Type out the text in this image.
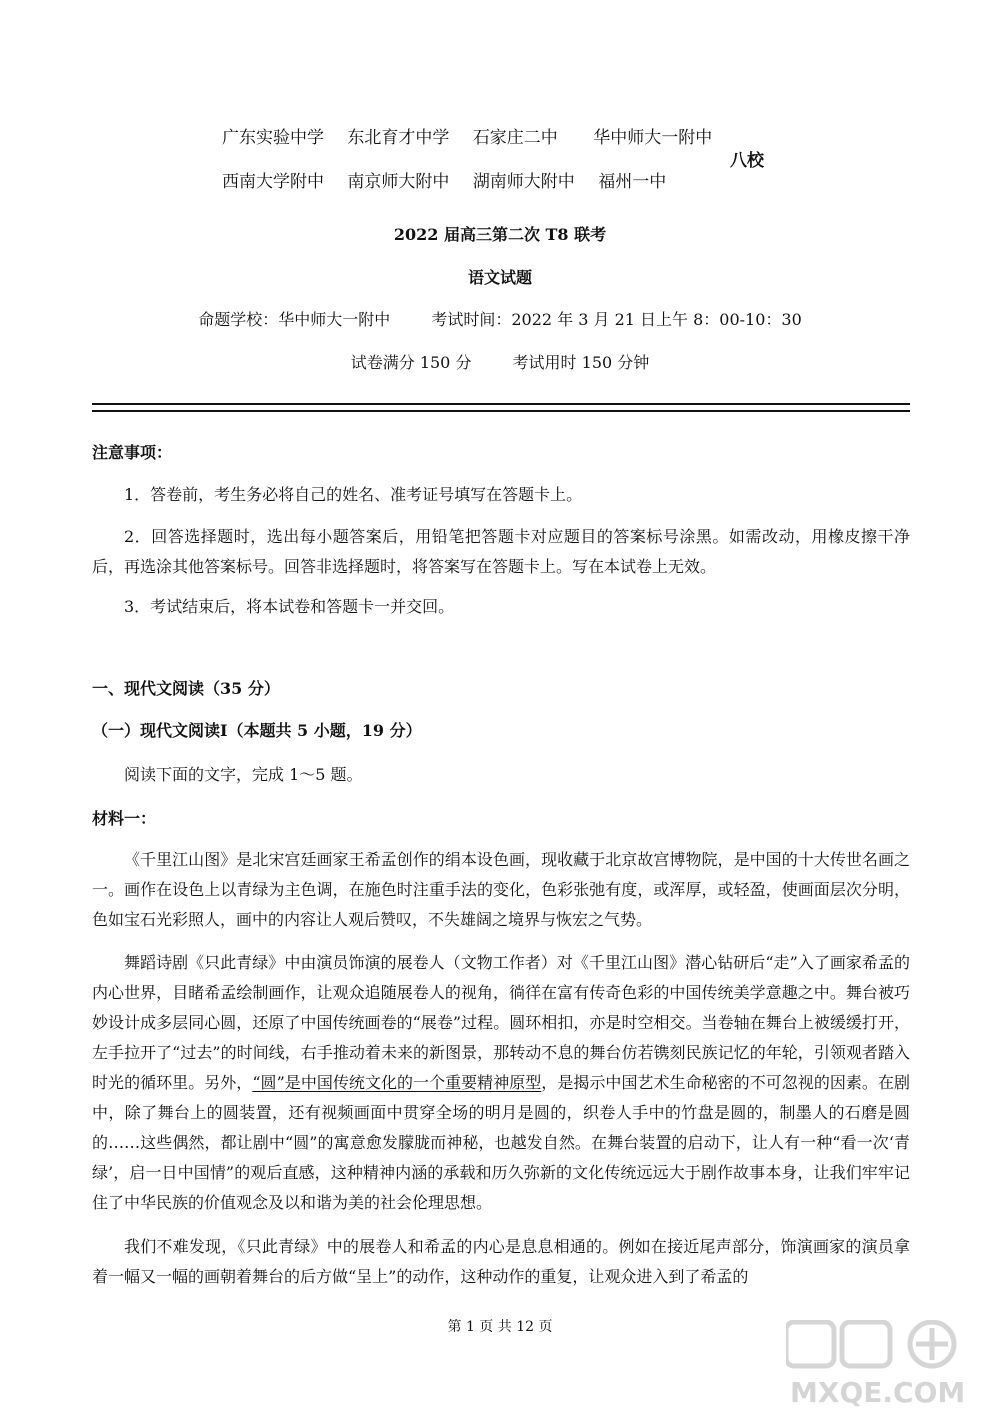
广东实验中学 东北育才中学 石家庄二中 华中师大一附中
西南大学附中 南京师大附中 湖南师大附中 福州一中
八校
2022 届高三第二次 T8 联考
语文试题
命题学校：华中师大一附中	考试时间：2022 年 3 月 21 日上午 8：00-10：30
试卷满分 150 分	考试用时 150 分钟
注意事项：
1．答卷前，考生务必将自己的姓名、准考证号填写在答题卡上。
2．回答选择题时，选出每小题答案后，用铅笔把答题卡对应题目的答案标号涂黑。如需改动，用橡皮擦干净后，再选涂其他答案标号。回答非选择题时，将答案写在答题卡上。写在本试卷上无效。
3．考试结束后，将本试卷和答题卡一并交回。
一、现代文阅读（35 分）
（一）现代文阅读Ⅰ（本题共 5 小题，19 分）
阅读下面的文字，完成 1～5 题。
材料一：
《千里江山图》是北宋宫廷画家王希孟创作的绢本设色画，现收藏于北京故宫博物院，是中国的十大传世名画之一。画作在设色上以青绿为主色调，在施色时注重手法的变化，色彩张弛有度，或浑厚，或轻盈，使画面层次分明，色如宝石光彩照人，画中的内容让人观后赞叹，不失雄阔之境界与恢宏之气势。
舞蹈诗剧《只此青绿》中由演员饰演的展卷人（文物工作者）对《千里江山图》潜心钻研后“走”入了画家希孟的内心世界，目睹希孟绘制画作，让观众追随展卷人的视角，徜徉在富有传奇色彩的中国传统美学意趣之中。舞台被巧妙设计成多层同心圆，还原了中国传统画卷的“展卷”过程。圆环相扣，亦是时空相交。当卷轴在舞台上被缓缓打开，左手拉开了“过去”的时间线，右手推动着未来的新图景，那转动不息的舞台仿若镌刻民族记忆的年轮，引领观者踏入时光的循环里。另外，“圆”是中国传统文化的一个重要精神原型，是揭示中国艺术生命秘密的不可忽视的因素。在剧中，除了舞台上的圆装置，还有视频画面中贯穿全场的明月是圆的，织卷人手中的竹盘是圆的，制墨人的石磨是圆的……这些偶然，都让剧中“圆”的寓意愈发朦胧而神秘，也越发自然。在舞台装置的启动下，让人有一种“看一次‘青绿’，启一日中国情”的观后直感，这种精神内涵的承载和历久弥新的文化传统远远大于剧作故事本身，让我们牢牢记住了中华民族的价值观念及以和谐为美的社会伦理思想。
我们不难发现，《只此青绿》中的展卷人和希孟的内心是息息相通的。例如在接近尾声部分，饰演画家的演员拿着一幅又一幅的画朝着舞台的后方做“呈上”的动作，这种动作的重复，让观众进入到了希孟的
第 1 页 共 12 页
MXQE.COM
